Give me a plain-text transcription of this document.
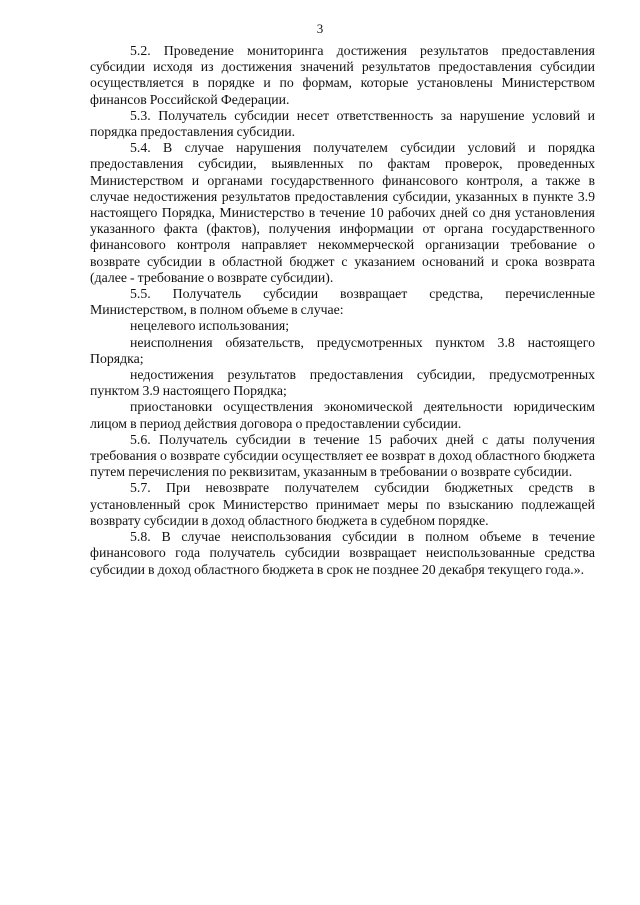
3

5.2. Проведение мониторинга достижения результатов предоставления субсидии исходя из достижения значений результатов предоставления субсидии осуществляется в порядке и по формам, которые установлены Министерством финансов Российской Федерации.

5.3. Получатель субсидии несет ответственность за нарушение условий и порядка предоставления субсидии.

5.4. В случае нарушения получателем субсидии условий и порядка предоставления субсидии, выявленных по фактам проверок, проведенных Министерством и органами государственного финансового контроля, а также в случае недостижения результатов предоставления субсидии, указанных в пункте 3.9 настоящего Порядка, Министерство в течение 10 рабочих дней со дня установления указанного факта (фактов), получения информации от органа государственного финансового контроля направляет некоммерческой организации требование о возврате субсидии в областной бюджет с указанием оснований и срока возврата (далее - требование о возврате субсидии).

5.5. Получатель субсидии возвращает средства, перечисленные Министерством, в полном объеме в случае:

нецелевого использования;

неисполнения обязательств, предусмотренных пунктом 3.8 настоящего Порядка;

недостижения результатов предоставления субсидии, предусмотренных пунктом 3.9 настоящего Порядка;

приостановки осуществления экономической деятельности юридическим лицом в период действия договора о предоставлении субсидии.

5.6. Получатель субсидии в течение 15 рабочих дней с даты получения требования о возврате субсидии осуществляет ее возврат в доход областного бюджета путем перечисления по реквизитам, указанным в требовании о возврате субсидии.

5.7. При невозврате получателем субсидии бюджетных средств в установленный срок Министерство принимает меры по взысканию подлежащей возврату субсидии в доход областного бюджета в судебном порядке.

5.8. В случае неиспользования субсидии в полном объеме в течение финансового года получатель субсидии возвращает неиспользованные средства субсидии в доход областного бюджета в срок не позднее 20 декабря текущего года.».
